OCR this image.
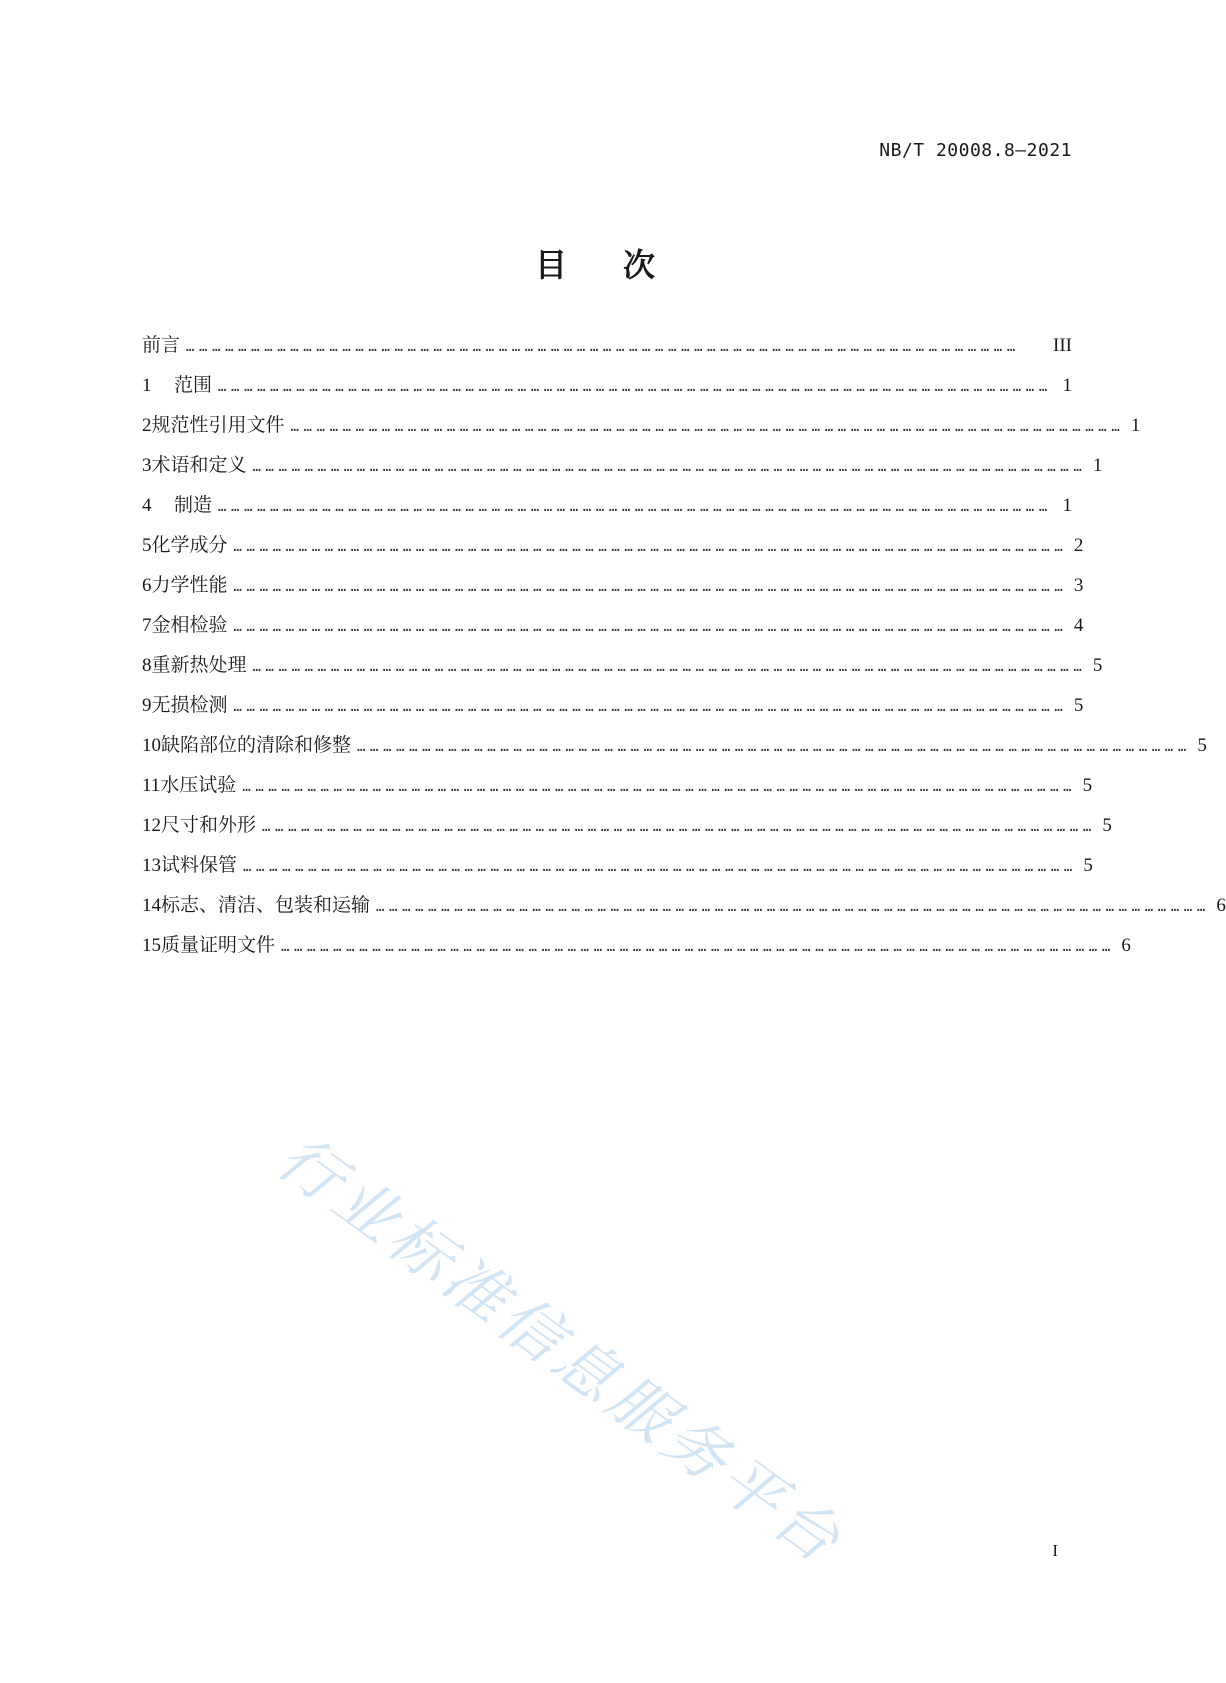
NB/T 20008.8—2021
目次
前言 …………………………………………………………………………………………………………………………………………………………………………	III
1	范围 ………………………………………………………………………………………………………………………………………………………………………… 1
2 规范性引用文件 ………………………………………………………………………………………………………………………………………………………………………… 1
3 术语和定义 ………………………………………………………………………………………………………………………………………………………………………… 1
4	制造 ………………………………………………………………………………………………………………………………………………………………………… 1
5 化学成分 ………………………………………………………………………………………………………………………………………………………………………… 2
6 力学性能 ………………………………………………………………………………………………………………………………………………………………………… 3
7 金相检验 ………………………………………………………………………………………………………………………………………………………………………… 4
8 重新热处理 ………………………………………………………………………………………………………………………………………………………………………… 5
9 无损检测 ………………………………………………………………………………………………………………………………………………………………………… 5
10 缺陷部位的清除和修整 ………………………………………………………………………………………………………………………………………………………………………… 5
11 水压试验 ………………………………………………………………………………………………………………………………………………………………………… 5
12 尺寸和外形 ………………………………………………………………………………………………………………………………………………………………………… 5
13 试料保管 ………………………………………………………………………………………………………………………………………………………………………… 5
14 标志、清洁、包装和运输 ………………………………………………………………………………………………………………………………………………………………………… 6
15 质量证明文件 ………………………………………………………………………………………………………………………………………………………………………… 6
行业标准信息服务平台	I
